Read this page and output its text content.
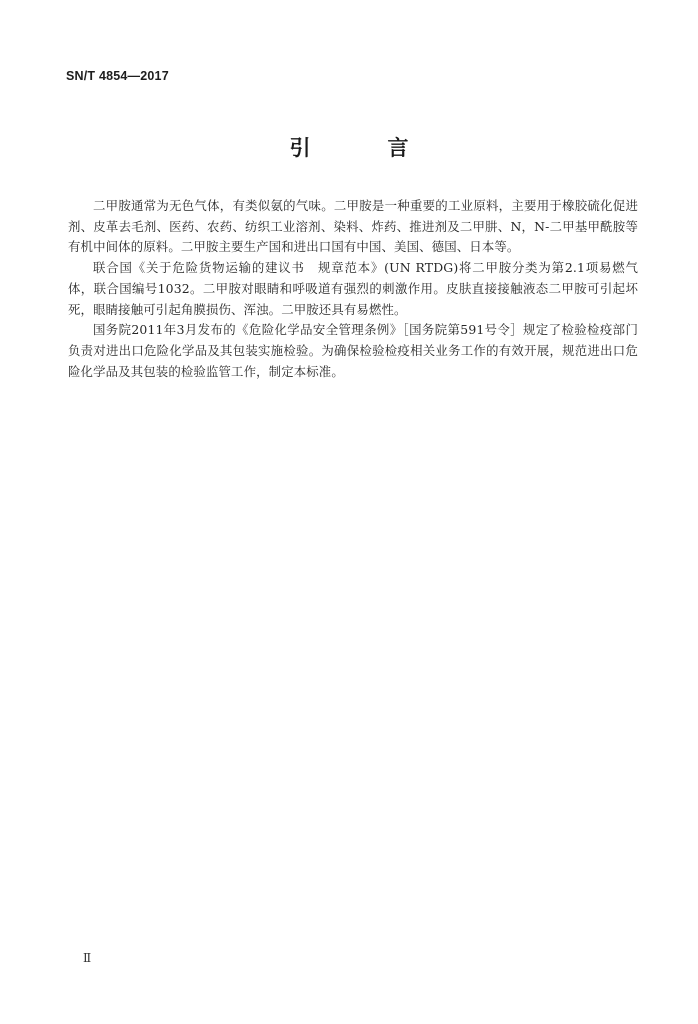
SN/T 4854—2017
引　言

二甲胺通常为无色气体，有类似氨的气味。二甲胺是一种重要的工业原料，主要用于橡胶硫化促进剂、皮革去毛剂、医药、农药、纺织工业溶剂、染料、炸药、推进剂及二甲肼、N，N-二甲基甲酰胺等有机中间体的原料。二甲胺主要生产国和进出口国有中国、美国、德国、日本等。

联合国《关于危险货物运输的建议书　规章范本》(UN RTDG)将二甲胺分类为第2.1项易燃气体，联合国编号1032。二甲胺对眼睛和呼吸道有强烈的刺激作用。皮肤直接接触液态二甲胺可引起坏死，眼睛接触可引起角膜损伤、浑浊。二甲胺还具有易燃性。

国务院2011年3月发布的《危险化学品安全管理条例》［国务院第591号令］规定了检验检疫部门负责对进出口危险化学品及其包装实施检验。为确保检验检疫相关业务工作的有效开展，规范进出口危险化学品及其包装的检验监管工作，制定本标准。

Ⅱ
